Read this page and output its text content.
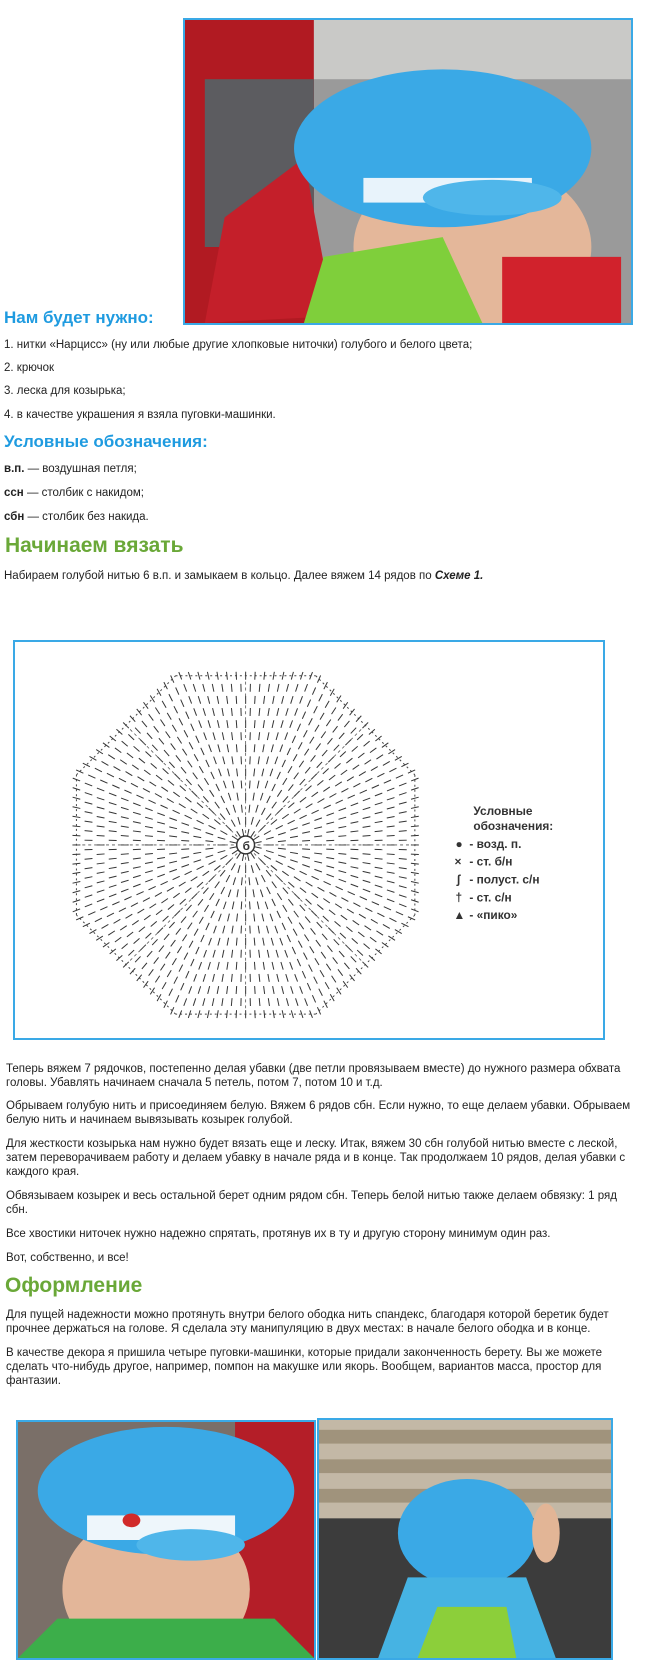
Нам будет нужно:
1. нитки «Нарцисс» (ну или любые другие хлопковые ниточки) голубого и белого цвета;
2. крючок
3. леска для козырька;
4. в качестве украшения я взяла пуговки-машинки.
Условные обозначения:
в.п. — воздушная петля;
ссн — столбик с накидом;
сбн — столбик без накида.
Начинаем вязать
Набираем голубой нитью 6 в.п. и замыкаем в кольцо. Далее вяжем 14 рядов по Схеме 1.
б
Условные
обозначения:
● - возд. п.
× - ст. б/н
ʃ - полуст. с/н
† - ст. с/н
▲ - «пико»
Теперь вяжем 7 рядочков, постепенно делая убавки (две петли провязываем вместе) до нужного размера обхвата головы. Убавлять начинаем сначала 5 петель, потом 7, потом 10 и т.д.
Обрываем голубую нить и присоединяем белую. Вяжем 6 рядов сбн. Если нужно, то еще делаем убавки. Обрываем белую нить и начинаем вывязывать козырек голубой.
Для жесткости козырька нам нужно будет вязать еще и леску. Итак, вяжем 30 сбн голубой нитью вместе с леской, затем переворачиваем работу и делаем убавку в начале ряда и в конце. Так продолжаем 10 рядов, делая убавки с каждого края.
Обвязываем козырек и весь остальной берет одним рядом сбн. Теперь белой нитью также делаем обвязку: 1 ряд сбн.
Все хвостики ниточек нужно надежно спрятать, протянув их в ту и другую сторону минимум один раз.
Вот, собственно, и все!
Оформление
Для пущей надежности можно протянуть внутри белого ободка нить спандекс, благодаря которой беретик будет прочнее держаться на голове. Я сделала эту манипуляцию в двух местах: в начале белого ободка и в конце.
В качестве декора я пришила четыре пуговки-машинки, которые придали законченность берету. Вы же можете сделать что-нибудь другое, например, помпон на макушке или якорь. Вообщем, вариантов масса, простор для фантазии.
